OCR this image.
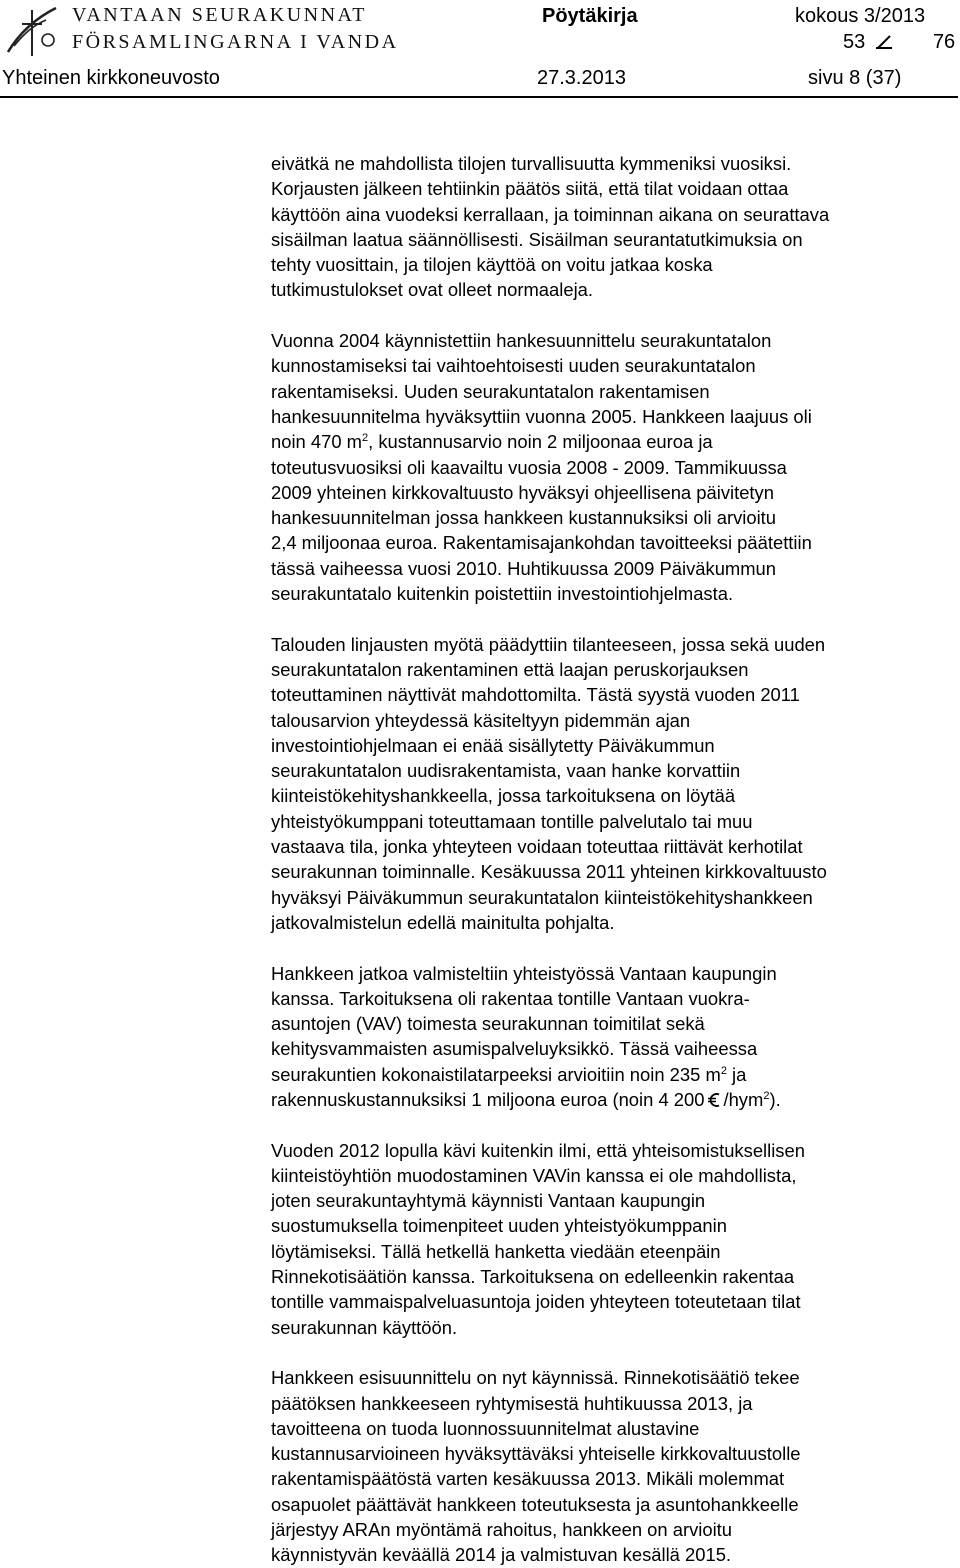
VANTAAN SEURAKUNNAT
FÖRSAMLINGARNA I VANDA
Pöytäkirja	kokous 3/2013
53	76
Yhteinen kirkkoneuvosto	27.3.2013	sivu 8 (37)

eivätkä ne mahdollista tilojen turvallisuutta kymmeniksi vuosiksi.
Korjausten jälkeen tehtiinkin päätös siitä, että tilat voidaan ottaa
käyttöön aina vuodeksi kerrallaan, ja toiminnan aikana on seurattava
sisäilman laatua säännöllisesti. Sisäilman seurantatutkimuksia on
tehty vuosittain, ja tilojen käyttöä on voitu jatkaa koska
tutkimustulokset ovat olleet normaaleja.

Vuonna 2004 käynnistettiin hankesuunnittelu seurakuntatalon
kunnostamiseksi tai vaihtoehtoisesti uuden seurakuntatalon
rakentamiseksi. Uuden seurakuntatalon rakentamisen
hankesuunnitelma hyväksyttiin vuonna 2005. Hankkeen laajuus oli
noin 470 $m^2$, kustannusarvio noin 2 miljoonaa euroa ja
toteutusvuosiksi oli kaavailtu vuosia 2008 - 2009. Tammikuussa
2009 yhteinen kirkkovaltuusto hyväksyi ohjeellisena päivitetyn
hankesuunnitelman jossa hankkeen kustannuksiksi oli arvioitu
2,4 miljoonaa euroa. Rakentamisajankohdan tavoitteeksi päätettiin
tässä vaiheessa vuosi 2010. Huhtikuussa 2009 Päiväkummun
seurakuntatalo kuitenkin poistettiin investointiohjelmasta.

Talouden linjausten myötä päädyttiin tilanteeseen, jossa sekä uuden
seurakuntatalon rakentaminen että laajan peruskorjauksen
toteuttaminen näyttivät mahdottomilta. Tästä syystä vuoden 2011
talousarvion yhteydessä käsiteltyyn pidemmän ajan
investointiohjelmaan ei enää sisällytetty Päiväkummun
seurakuntatalon uudisrakentamista, vaan hanke korvattiin
kiinteistökehityshankkeella, jossa tarkoituksena on löytää
yhteistyökumppani toteuttamaan tontille palvelutalo tai muu
vastaava tila, jonka yhteyteen voidaan toteuttaa riittävät kerhotilat
seurakunnan toiminnalle. Kesäkuussa 2011 yhteinen kirkkovaltuusto
hyväksyi Päiväkummun seurakuntatalon kiinteistökehityshankkeen
jatkovalmistelun edellä mainitulta pohjalta.

Hankkeen jatkoa valmisteltiin yhteistyössä Vantaan kaupungin
kanssa. Tarkoituksena oli rakentaa tontille Vantaan vuokra-
asuntojen (VAV) toimesta seurakunnan toimitilat sekä
kehitysvammaisten asumispalveluyksikkö. Tässä vaiheessa
seurakuntien kokonaistilatarpeeksi arvioitiin noin 235 $m^2$ ja
rakennuskustannuksiksi 1 miljoona euroa (noin 4 200 /hym$^2$).

Vuoden 2012 lopulla kävi kuitenkin ilmi, että yhteisomistuksellisen
kiinteistöyhtiön muodostaminen VAVin kanssa ei ole mahdollista,
joten seurakuntayhtymä käynnisti Vantaan kaupungin
suostumuksella toimenpiteet uuden yhteistyökumppanin
löytämiseksi. Tällä hetkellä hanketta viedään eteenpäin
Rinnekotisäätiön kanssa. Tarkoituksena on edelleenkin rakentaa
tontille vammaispalveluasuntoja joiden yhteyteen toteutetaan tilat
seurakunnan käyttöön.

Hankkeen esisuunnittelu on nyt käynnissä. Rinnekotisäätiö tekee
päätöksen hankkeeseen ryhtymisestä huhtikuussa 2013, ja
tavoitteena on tuoda luonnossuunnitelmat alustavine
kustannusarvioineen hyväksyttäväksi yhteiselle kirkkovaltuustolle
rakentamispäätöstä varten kesäkuussa 2013. Mikäli molemmat
osapuolet päättävät hankkeen toteutuksesta ja asuntohankkeelle
järjestyy ARAn myöntämä rahoitus, hankkeen on arvioitu
käynnistyvän keväällä 2014 ja valmistuvan kesällä 2015.
